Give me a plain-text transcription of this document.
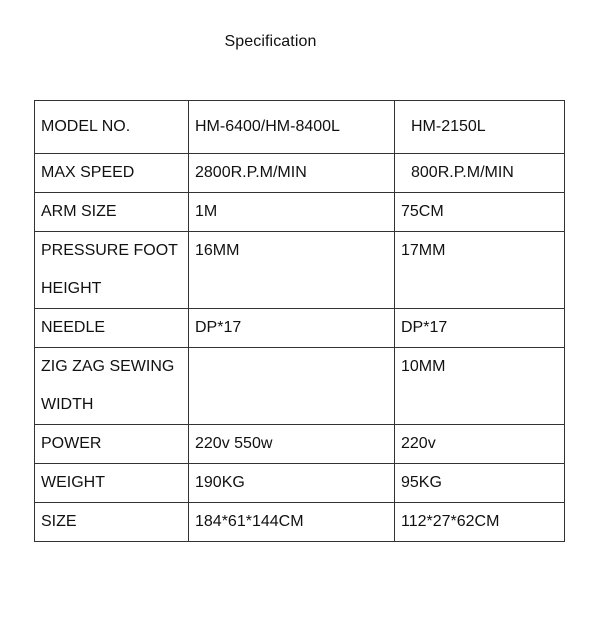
Specification
MODEL NO.	HM-6400/HM-8400L	HM-2150L
MAX SPEED	2800R.P.M/MIN	800R.P.M/MIN
ARM SIZE	1M	75CM

PRESSURE FOOT
HEIGHT	16MM	17MM
NEEDLE	DP*17	DP*17

ZIG ZAG SEWING
WIDTH		10MM
POWER	220v 550w	220v
WEIGHT	190KG	95KG
SIZE	184*61*144CM	112*27*62CM
